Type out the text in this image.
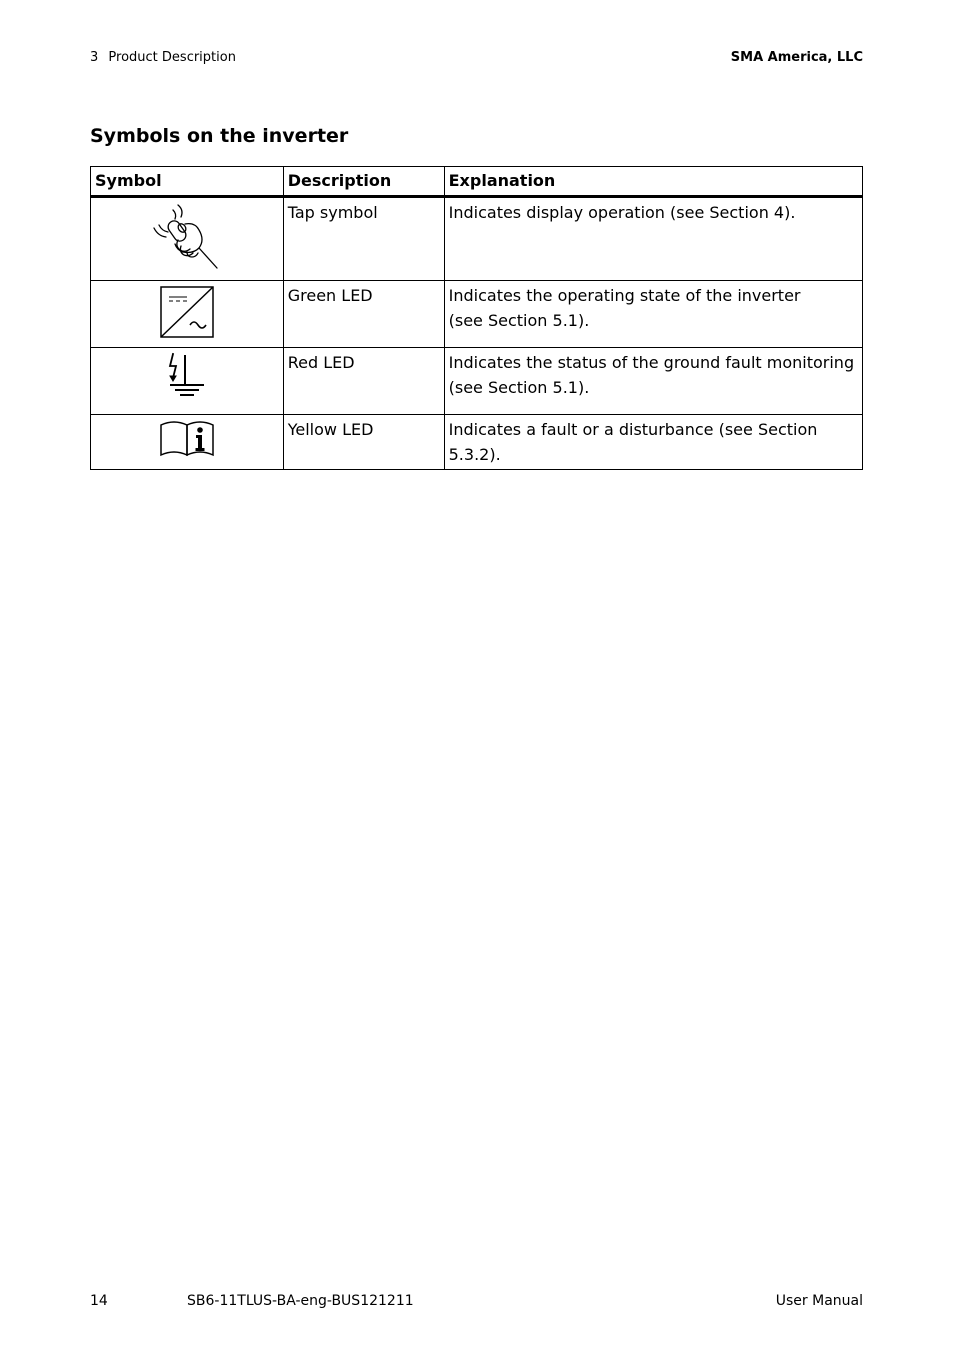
3 Product Description	SMA America, LLC
Symbols on the inverter
Symbol	Description	Explanation

	Tap symbol	Indicates display operation (see Section 4).

	Green LED	Indicates the operating state of the inverter
(see Section 5.1).

	Red LED	Indicates the status of the ground fault monitoring
(see Section 5.1).

	Yellow LED	Indicates a fault or a disturbance (see Section 5.3.2).
14	SB6-11TLUS-BA-eng-BUS121211	User Manual
